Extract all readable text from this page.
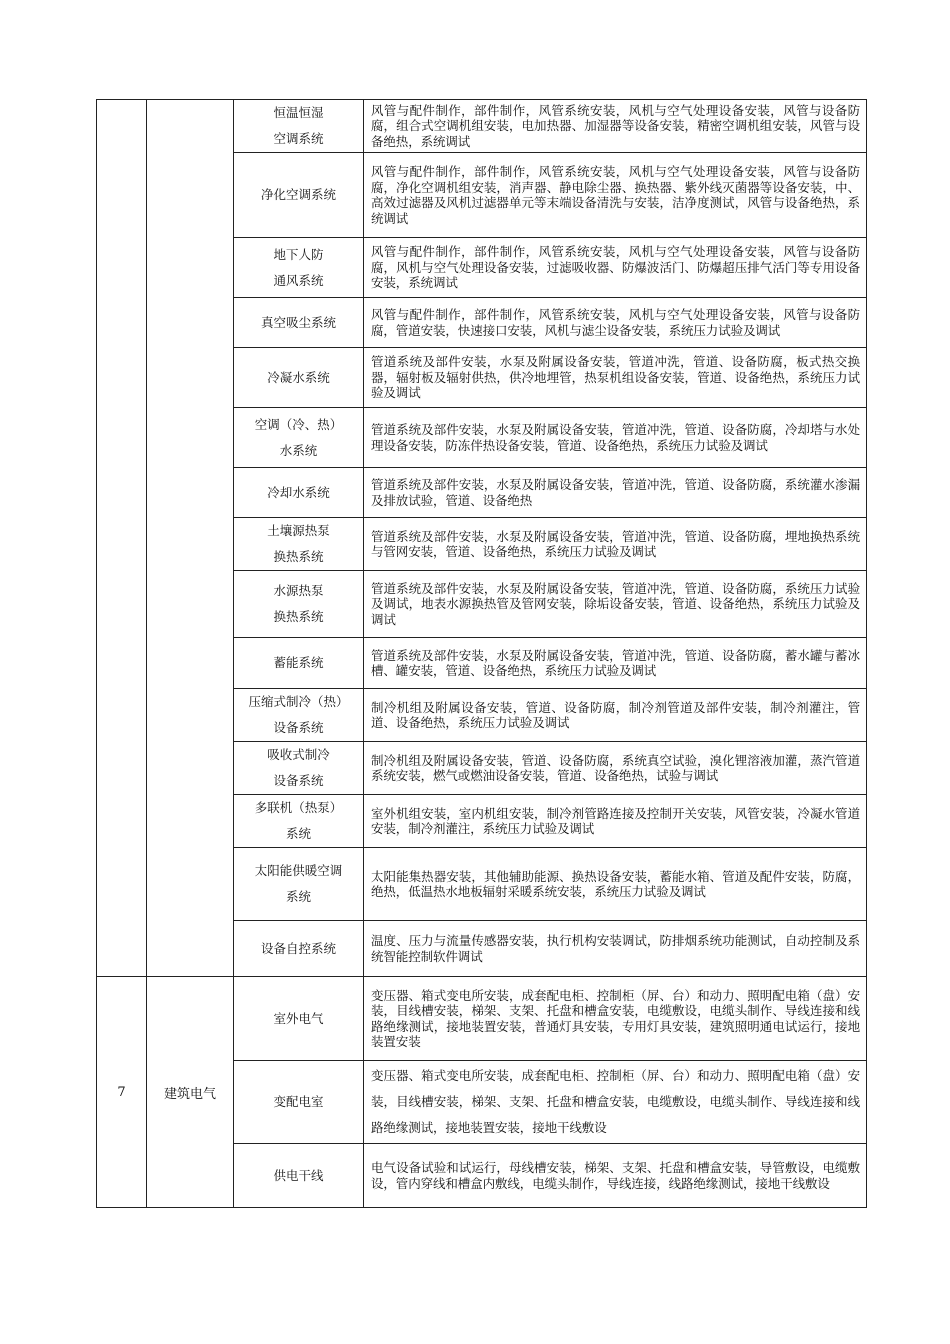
		恒温恒湿
空调系统	风管与配件制作，部件制作，风管系统安装，风机与空气处理设备安装，风管与设备防腐，组合式空调机组安装，电加热器、加湿器等设备安装，精密空调机组安装，风管与设备绝热，系统调试

		净化空调系统	风管与配件制作，部件制作，风管系统安装，风机与空气处理设备安装，风管与设备防腐，净化空调机组安装，消声器、静电除尘器、换热器、紫外线灭菌器等设备安装，中、高效过滤器及风机过滤器单元等末端设备清洗与安装，洁净度测试，风管与设备绝热，系统调试

		地下人防
通风系统	风管与配件制作，部件制作，风管系统安装，风机与空气处理设备安装，风管与设备防腐，风机与空气处理设备安装，过滤吸收器、防爆波活门、防爆超压排气活门等专用设备安装，系统调试

		真空吸尘系统	风管与配件制作，部件制作，风管系统安装，风机与空气处理设备安装，风管与设备防腐，管道安装，快速接口安装，风机与滤尘设备安装，系统压力试验及调试

		冷凝水系统	管道系统及部件安装，水泵及附属设备安装，管道冲洗，管道、设备防腐，板式热交换器，辐射板及辐射供热，供冷地埋管，热泵机组设备安装，管道、设备绝热，系统压力试验及调试

		空调（冷、热）
水系统	管道系统及部件安装，水泵及附属设备安装，管道冲洗，管道、设备防腐，冷却塔与水处理设备安装，防冻伴热设备安装，管道、设备绝热，系统压力试验及调试

		冷却水系统	管道系统及部件安装，水泵及附属设备安装，管道冲洗，管道、设备防腐，系统灌水渗漏及排放试验，管道、设备绝热

		土壤源热泵
换热系统	管道系统及部件安装，水泵及附属设备安装，管道冲洗，管道、设备防腐，埋地换热系统与管网安装，管道、设备绝热，系统压力试验及调试

		水源热泵
换热系统	管道系统及部件安装，水泵及附属设备安装，管道冲洗，管道、设备防腐，系统压力试验及调试，地表水源换热管及管网安装，除垢设备安装，管道、设备绝热，系统压力试验及调试

		蓄能系统	管道系统及部件安装，水泵及附属设备安装，管道冲洗，管道、设备防腐，蓄水罐与蓄冰槽、罐安装，管道、设备绝热，系统压力试验及调试

		压缩式制冷（热）
设备系统	制冷机组及附属设备安装，管道、设备防腐，制冷剂管道及部件安装，制冷剂灌注，管道、设备绝热，系统压力试验及调试

		吸收式制冷
设备系统	制冷机组及附属设备安装，管道、设备防腐，系统真空试验，溴化锂溶液加灌，蒸汽管道系统安装，燃气或燃油设备安装，管道、设备绝热，试验与调试

		多联机（热泵）
系统	室外机组安装，室内机组安装，制冷剂管路连接及控制开关安装，风管安装，冷凝水管道安装，制冷剂灌注，系统压力试验及调试

		太阳能供暖空调
系统	太阳能集热器安装，其他辅助能源、换热设备安装，蓄能水箱、管道及配件安装，防腐，绝热，低温热水地板辐射采暖系统安装，系统压力试验及调试

		设备自控系统	温度、压力与流量传感器安装，执行机构安装调试，防排烟系统功能测试，自动控制及系统智能控制软件调试
7	建筑电气	室外电气	变压器、箱式变电所安装，成套配电柜、控制柜（屏、台）和动力、照明配电箱（盘）安装，目线槽安装，梯架、支架、托盘和槽盒安装，电缆敷设，电缆头制作、导线连接和线路绝缘测试，接地装置安装，普通灯具安装，专用灯具安装，建筑照明通电试运行，接地装置安装

		变配电室	变压器、箱式变电所安装，成套配电柜、控制柜（屏、台）和动力、照明配电箱（盘）安装，目线槽安装，梯架、支架、托盘和槽盒安装，电缆敷设，电缆头制作、导线连接和线路绝缘测试，接地装置安装，接地干线敷设

		供电干线	电气设备试验和试运行，母线槽安装，梯架、支架、托盘和槽盒安装，导管敷设，电缆敷设，管内穿线和槽盒内敷线，电缆头制作，导线连接，线路绝缘测试，接地干线敷设
